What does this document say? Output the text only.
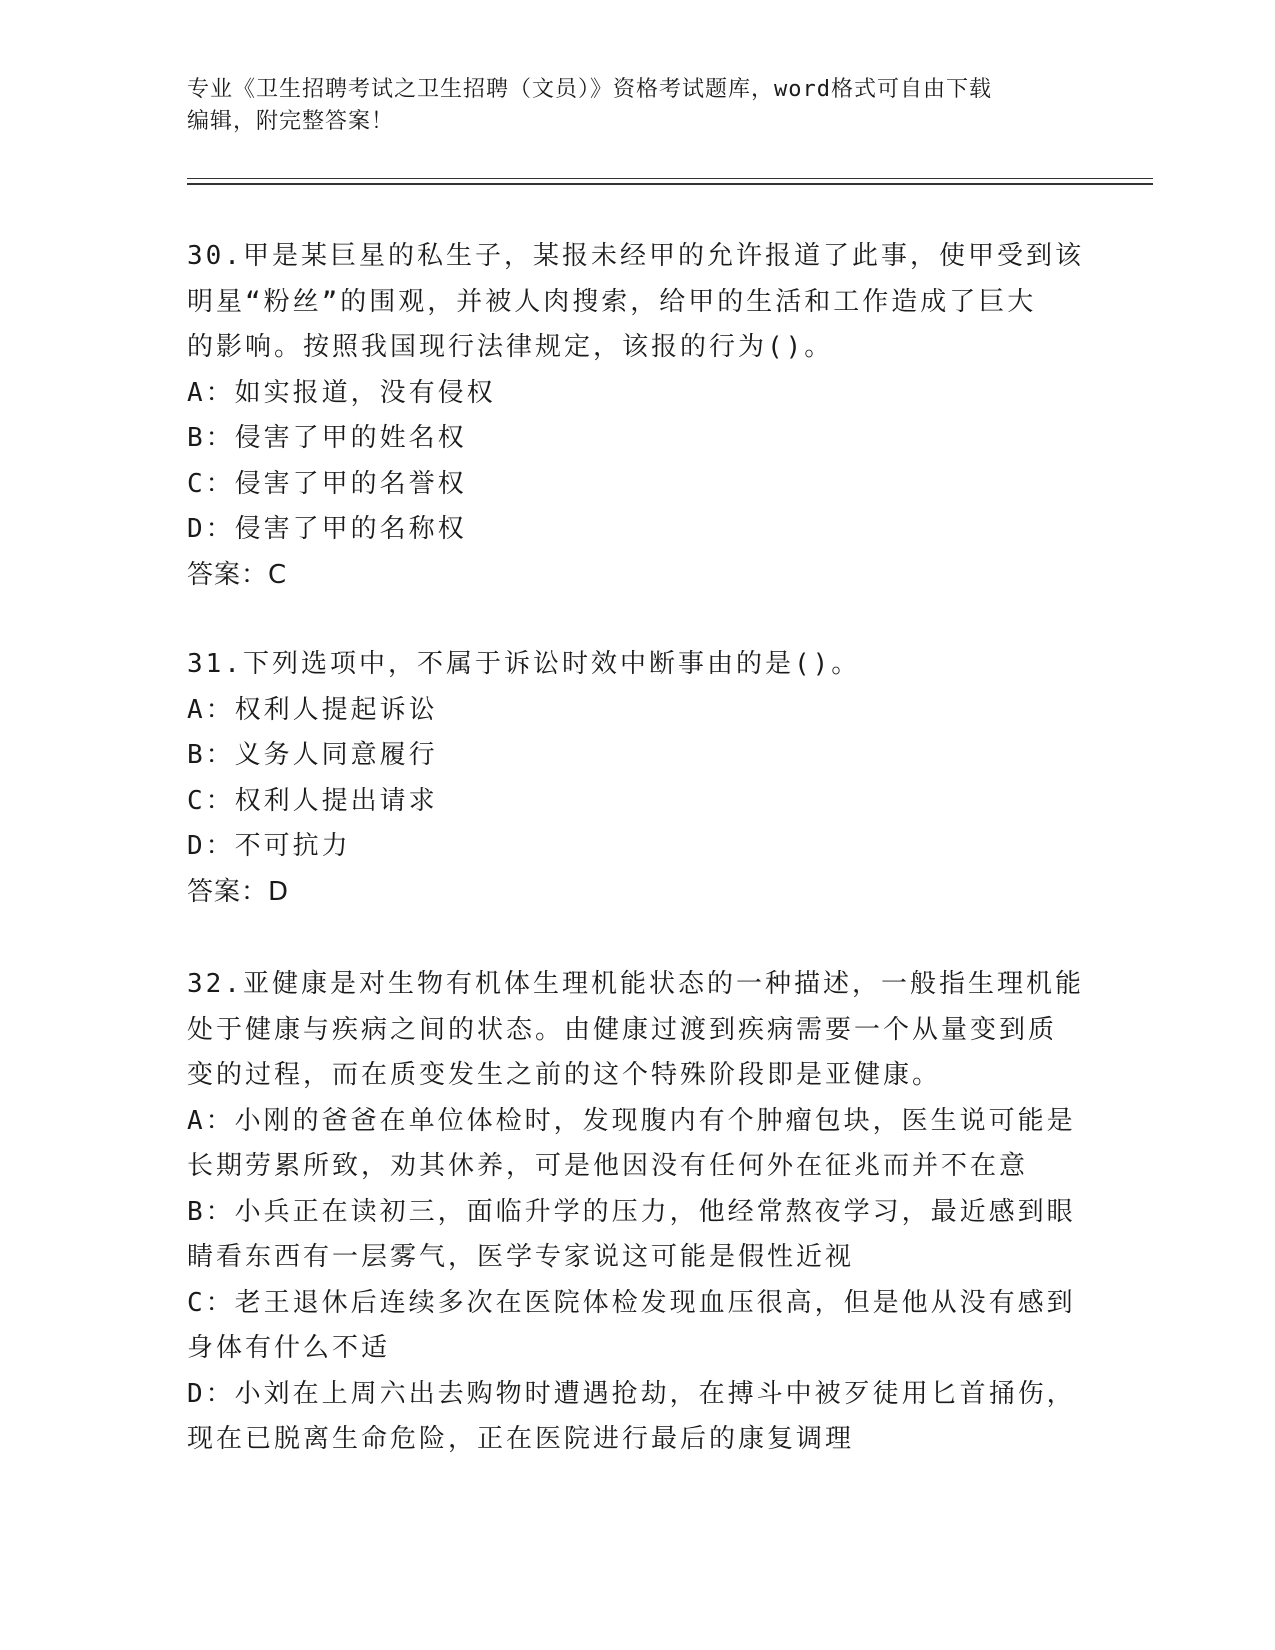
专业《卫生招聘考试之卫生招聘（文员）》资格考试题库，word格式可自由下载
编辑，附完整答案！
30.甲是某巨星的私生子，某报未经甲的允许报道了此事，使甲受到该
明星“粉丝”的围观，并被人肉搜索，给甲的生活和工作造成了巨大
的影响。按照我国现行法律规定，该报的行为()。
A：如实报道，没有侵权
B：侵害了甲的姓名权
C：侵害了甲的名誉权
D：侵害了甲的名称权
答案：C
31.下列选项中，不属于诉讼时效中断事由的是()。
A：权利人提起诉讼
B：义务人同意履行
C：权利人提出请求
D：不可抗力
答案：D
32.亚健康是对生物有机体生理机能状态的一种描述，一般指生理机能
处于健康与疾病之间的状态。由健康过渡到疾病需要一个从量变到质
变的过程，而在质变发生之前的这个特殊阶段即是亚健康。
A：小刚的爸爸在单位体检时，发现腹内有个肿瘤包块，医生说可能是
长期劳累所致，劝其休养，可是他因没有任何外在征兆而并不在意
B：小兵正在读初三，面临升学的压力，他经常熬夜学习，最近感到眼
睛看东西有一层雾气，医学专家说这可能是假性近视
C：老王退休后连续多次在医院体检发现血压很高，但是他从没有感到
身体有什么不适
D：小刘在上周六出去购物时遭遇抢劫，在搏斗中被歹徒用匕首捅伤，
现在已脱离生命危险，正在医院进行最后的康复调理
